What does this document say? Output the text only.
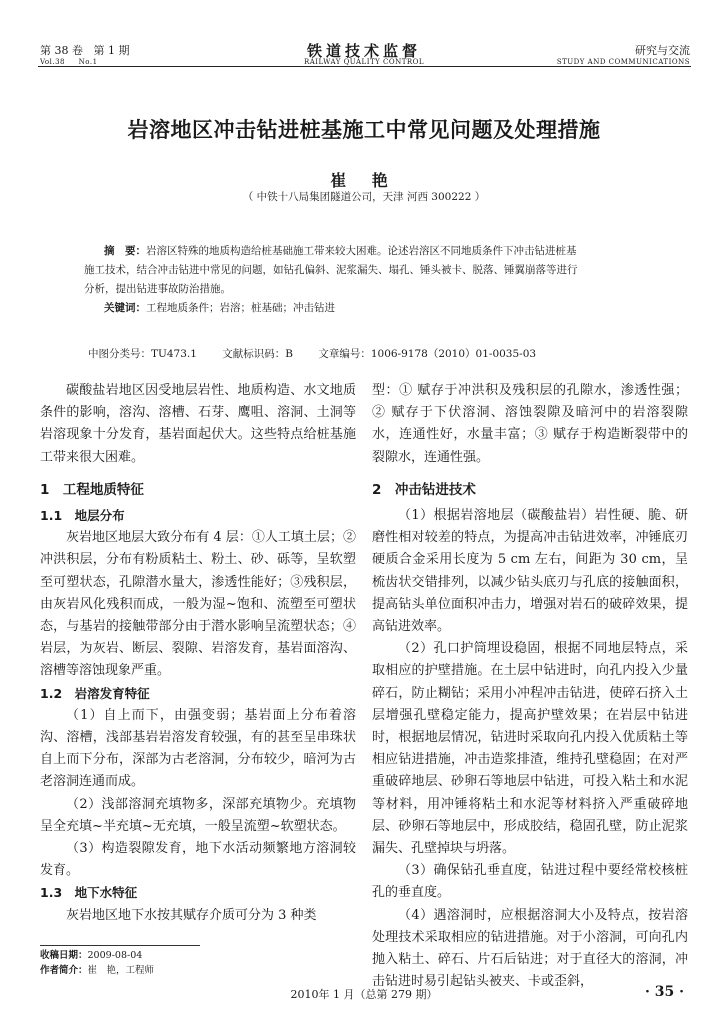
第 38 卷 第 1 期
Vol.38 No.1
铁道技术监督
RAILWAY QUALITY CONTROL
研究与交流
STUDY AND COMMUNICATIONS
岩溶地区冲击钻进桩基施工中常见问题及处理措施
崔 艳
（ 中铁十八局集团隧道公司，天津 河西 300222 ）
摘　要：岩溶区特殊的地质构造给桩基础施工带来较大困难。论述岩溶区不同地质条件下冲击钻进桩基
施工技术，结合冲击钻进中常见的问题，如钻孔偏斜、泥浆漏失、塌孔、锤头被卡、脱落、锤翼崩落等进行
分析，提出钻进事故防治措施。
关键词：工程地质条件；岩溶；桩基础；冲击钻进
中图分类号：TU473.1 文献标识码：B 文章编号：1006-9178（2010）01-0035-03

碳酸盐岩地区因受地层岩性、地质构造、水文地质条件的影响，溶沟、溶槽、石芽、鹰咀、溶洞、土洞等岩溶现象十分发育，基岩面起伏大。这些特点给桩基施工带来很大困难。

1　工程地质特征

1.1　地层分布

灰岩地区地层大致分布有 4 层：①人工填土层；②冲洪积层，分布有粉质粘土、粉土、砂、砾等，呈软塑至可塑状态，孔隙潜水量大，渗透性能好；③残积层，由灰岩风化残积而成，一般为湿~饱和、流塑至可塑状态，与基岩的接触带部分由于潜水影响呈流塑状态；④岩层，为灰岩、断层、裂隙、岩溶发育，基岩面溶沟、溶槽等溶蚀现象严重。

1.2　岩溶发育特征

（1）自上而下，由强变弱；基岩面上分布着溶沟、溶槽，浅部基岩岩溶发育较强，有的甚至呈串珠状自上而下分布，深部为古老溶洞，分布较少，暗河为古老溶洞连通而成。

（2）浅部溶洞充填物多，深部充填物少。充填物呈全充填~半充填~无充填，一般呈流塑~软塑状态。

（3）构造裂隙发育，地下水活动频繁地方溶洞较发育。

1.3　地下水特征

灰岩地区地下水按其赋存介质可分为 3 种类

型：① 赋存于冲洪积及残积层的孔隙水，渗透性强；② 赋存于下伏溶洞、溶蚀裂隙及暗河中的岩溶裂隙水，连通性好，水量丰富；③ 赋存于构造断裂带中的裂隙水，连通性强。

2　冲击钻进技术

（1）根据岩溶地层（碳酸盐岩）岩性硬、脆、研磨性相对较差的特点，为提高冲击钻进效率，冲锤底刃硬质合金采用长度为 5 cm 左右，间距为 30 cm，呈梳齿状交错排列，以减少钻头底刃与孔底的接触面积，提高钻头单位面积冲击力，增强对岩石的破碎效果，提高钻进效率。

（2）孔口护筒埋设稳固，根据不同地层特点，采取相应的护壁措施。在土层中钻进时，向孔内投入少量碎石，防止糊钻；采用小冲程冲击钻进，使碎石挤入土层增强孔壁稳定能力，提高护壁效果；在岩层中钻进时，根据地层情况，钻进时采取向孔内投入优质粘土等相应钻进措施，冲击造浆排渣，维持孔壁稳固；在对严重破碎地层、砂卵石等地层中钻进，可投入粘土和水泥等材料，用冲锤将粘土和水泥等材料挤入严重破碎地层、砂卵石等地层中，形成胶结，稳固孔壁，防止泥浆漏失、孔壁掉块与坍落。

（3）确保钻孔垂直度，钻进过程中要经常校核桩孔的垂直度。

（4）遇溶洞时，应根据溶洞大小及特点，按岩溶处理技术采取相应的钻进措施。对于小溶洞，可向孔内抛入粘土、碎石、片石后钻进；对于直径大的溶洞，冲击钻进时易引起钻头被夹、卡或歪斜，

收稿日期：2009-08-04
作者简介：崔　艳，工程师
2010年 1 月（总第 279 期）	· 35 ·
